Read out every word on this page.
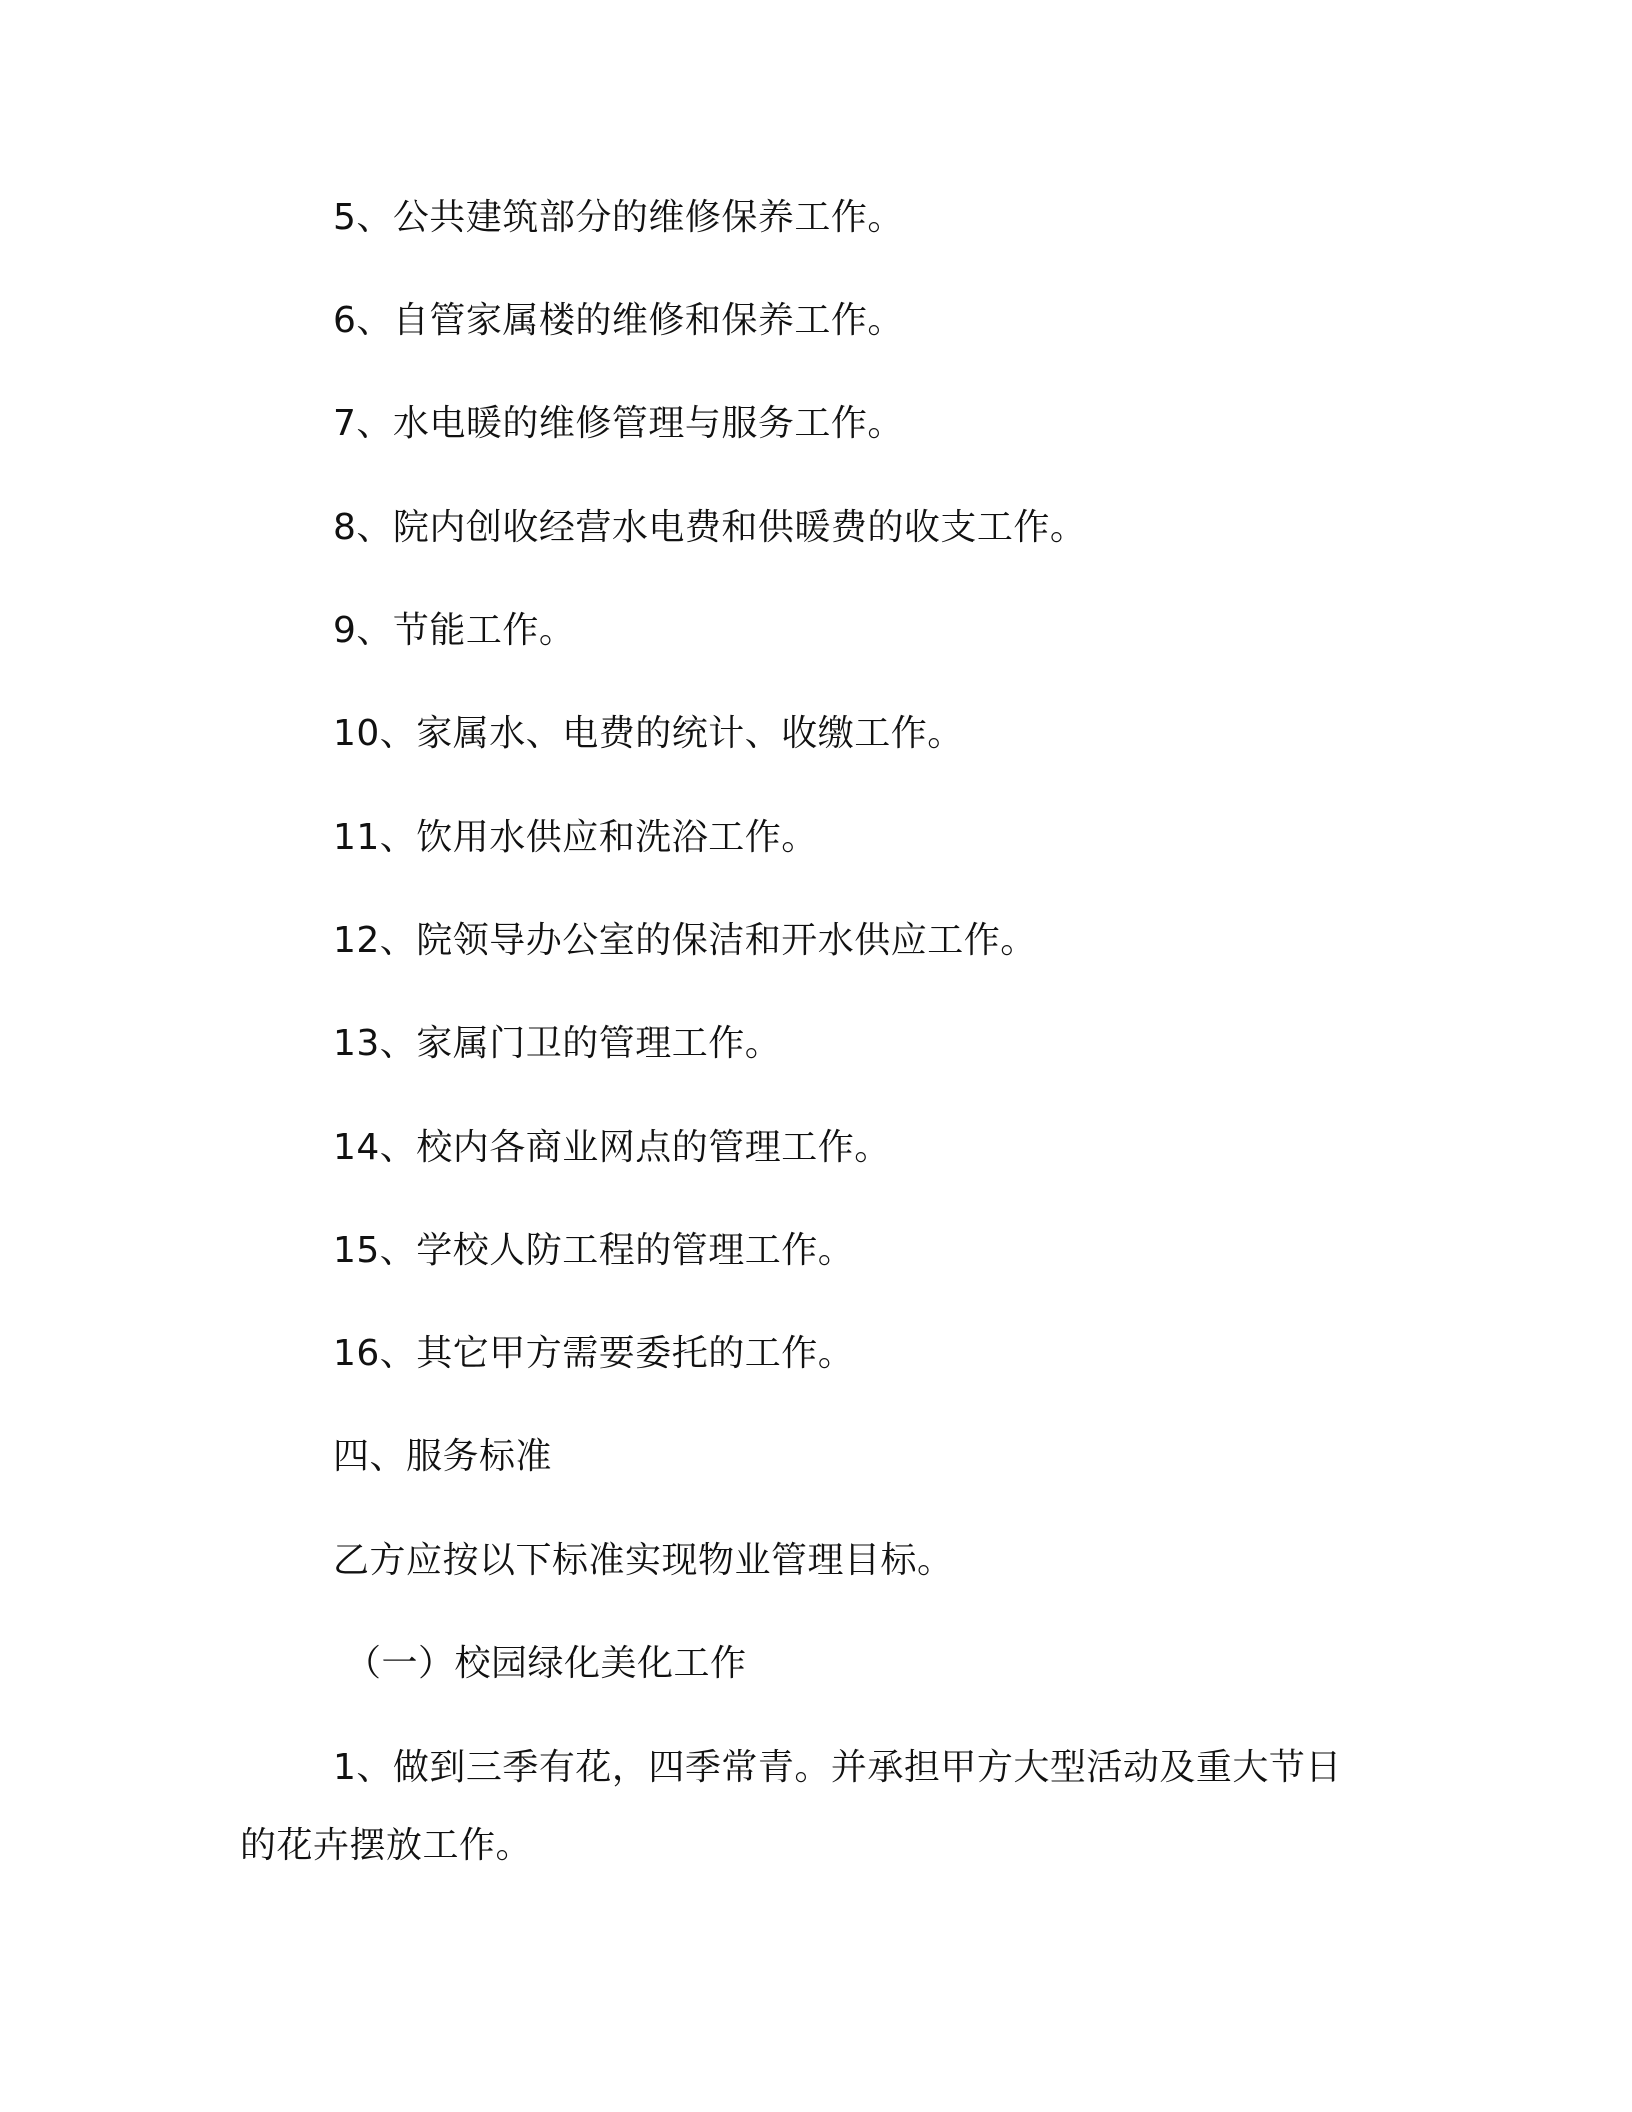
5、公共建筑部分的维修保养工作。
6、自管家属楼的维修和保养工作。
7、水电暖的维修管理与服务工作。
8、院内创收经营水电费和供暖费的收支工作。
9、节能工作。
10、家属水、电费的统计、收缴工作。
11、饮用水供应和洗浴工作。
12、院领导办公室的保洁和开水供应工作。
13、家属门卫的管理工作。
14、校内各商业网点的管理工作。
15、学校人防工程的管理工作。
16、其它甲方需要委托的工作。
四、服务标准
乙方应按以下标准实现物业管理目标。
（一）校园绿化美化工作
1、做到三季有花，四季常青。并承担甲方大型活动及重大节日
的花卉摆放工作。
